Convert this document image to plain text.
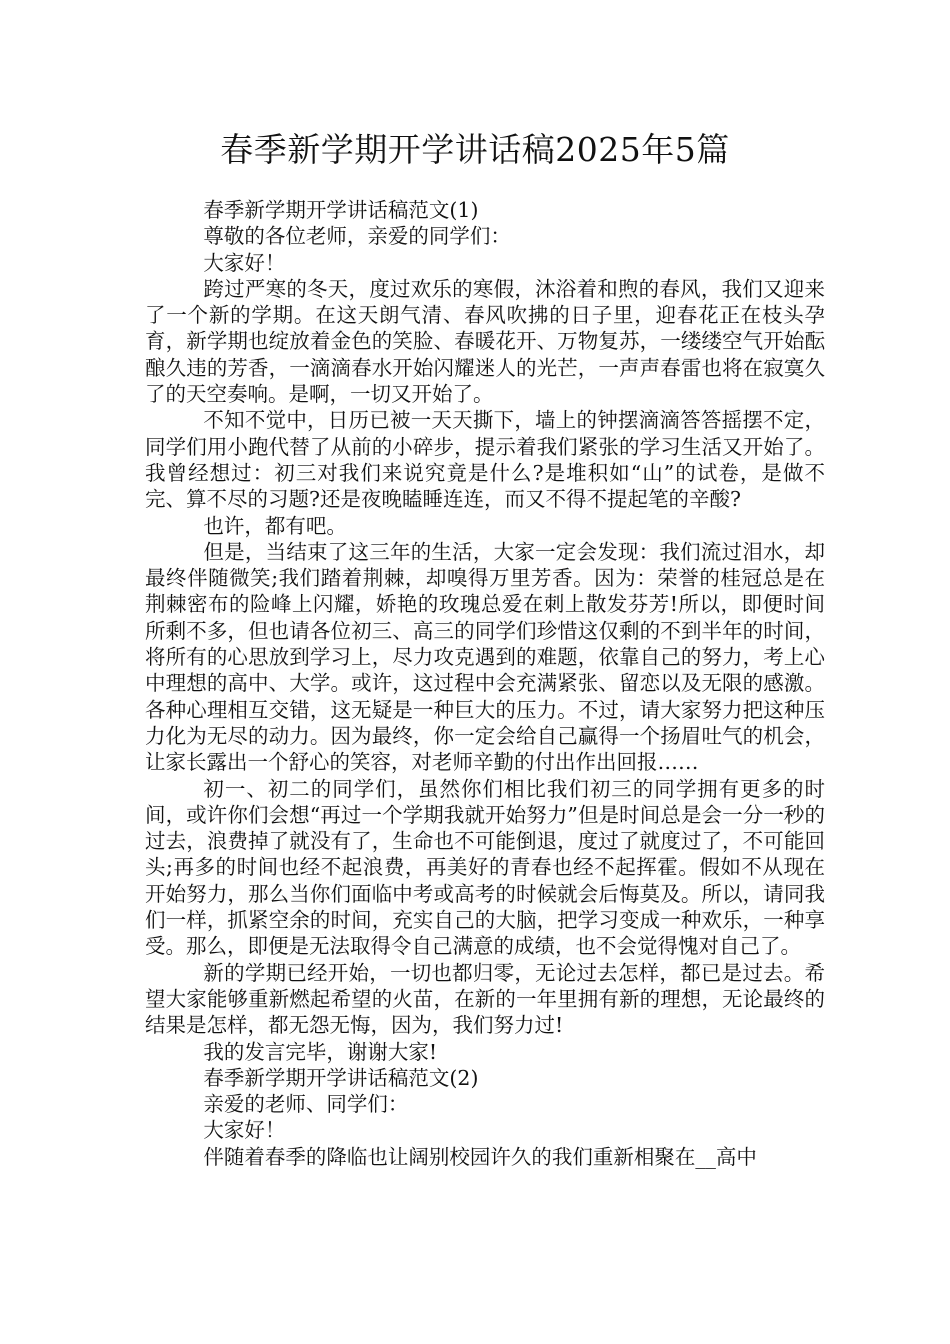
春季新学期开学讲话稿2025年5篇

春季新学期开学讲话稿范文(1)

尊敬的各位老师，亲爱的同学们：

大家好！

跨过严寒的冬天，度过欢乐的寒假，沐浴着和煦的春风，我们又迎来了一个新的学期。在这天朗气清、春风吹拂的日子里，迎春花正在枝头孕育，新学期也绽放着金色的笑脸、春暖花开、万物复苏，一缕缕空气开始酝酿久违的芳香，一滴滴春水开始闪耀迷人的光芒，一声声春雷也将在寂寞久了的天空奏响。是啊，一切又开始了。

不知不觉中，日历已被一天天撕下，墙上的钟摆滴滴答答摇摆不定，同学们用小跑代替了从前的小碎步，提示着我们紧张的学习生活又开始了。我曾经想过：初三对我们来说究竟是什么?是堆积如“山”的试卷，是做不完、算不尽的习题?还是夜晚瞌睡连连，而又不得不提起笔的辛酸?

也许，都有吧。

但是，当结束了这三年的生活，大家一定会发现：我们流过泪水，却最终伴随微笑;我们踏着荆棘，却嗅得万里芳香。因为：荣誉的桂冠总是在荆棘密布的险峰上闪耀，娇艳的玫瑰总爱在刺上散发芬芳!所以，即便时间所剩不多，但也请各位初三、高三的同学们珍惜这仅剩的不到半年的时间，将所有的心思放到学习上，尽力攻克遇到的难题，依靠自己的努力，考上心中理想的高中、大学。或许，这过程中会充满紧张、留恋以及无限的感激。各种心理相互交错，这无疑是一种巨大的压力。不过，请大家努力把这种压力化为无尽的动力。因为最终，你一定会给自己赢得一个扬眉吐气的机会，让家长露出一个舒心的笑容，对老师辛勤的付出作出回报……

初一、初二的同学们，虽然你们相比我们初三的同学拥有更多的时间，或许你们会想“再过一个学期我就开始努力”但是时间总是会一分一秒的过去，浪费掉了就没有了，生命也不可能倒退，度过了就度过了，不可能回头;再多的时间也经不起浪费，再美好的青春也经不起挥霍。假如不从现在开始努力，那么当你们面临中考或高考的时候就会后悔莫及。所以，请同我们一样，抓紧空余的时间，充实自己的大脑，把学习变成一种欢乐，一种享受。那么，即便是无法取得令自己满意的成绩，也不会觉得愧对自己了。

新的学期已经开始，一切也都归零，无论过去怎样，都已是过去。希望大家能够重新燃起希望的火苗，在新的一年里拥有新的理想，无论最终的结果是怎样，都无怨无悔，因为，我们努力过!

我的发言完毕，谢谢大家!

春季新学期开学讲话稿范文(2)

亲爱的老师、同学们：

大家好！

伴随着春季的降临也让阔别校园许久的我们重新相聚在__高中
